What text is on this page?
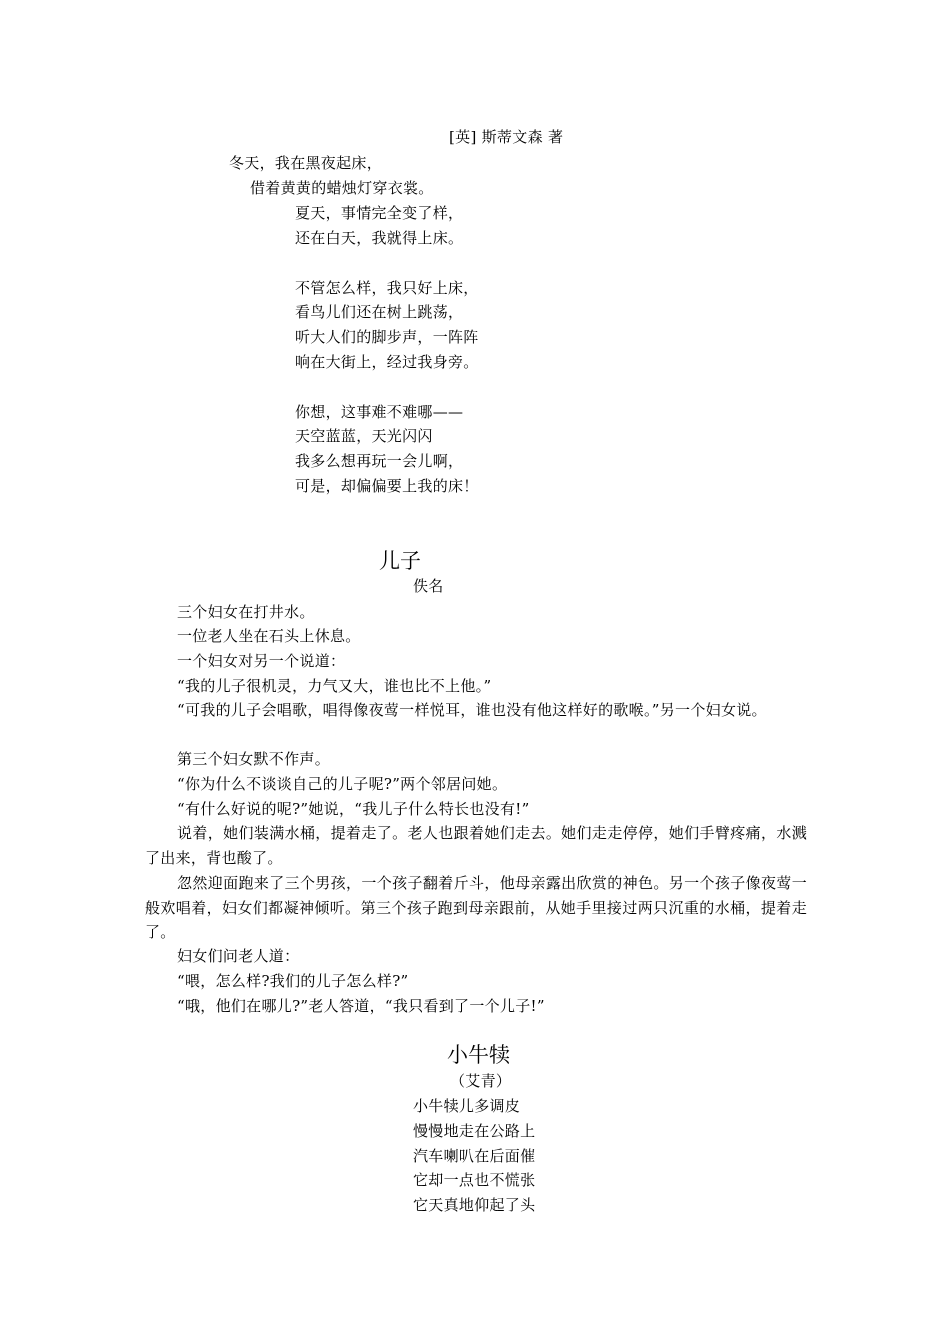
[英] 斯蒂文森 著
冬天，我在黑夜起床，
借着黄黄的蜡烛灯穿衣裳。
夏天，事情完全变了样，
还在白天，我就得上床。
不管怎么样，我只好上床，
看鸟儿们还在树上跳荡，
听大人们的脚步声，一阵阵
响在大街上，经过我身旁。
你想，这事难不难哪——
天空蓝蓝，天光闪闪
我多么想再玩一会儿啊，
可是，却偏偏要上我的床！
儿子
佚名
三个妇女在打井水。
一位老人坐在石头上休息。
一个妇女对另一个说道：
“我的儿子很机灵，力气又大，谁也比不上他。”
“可我的儿子会唱歌，唱得像夜莺一样悦耳，谁也没有他这样好的歌喉。”另一个妇女说。
第三个妇女默不作声。
“你为什么不谈谈自己的儿子呢?”两个邻居问她。
“有什么好说的呢?”她说，“我儿子什么特长也没有!”
说着，她们装满水桶，提着走了。老人也跟着她们走去。她们走走停停，她们手臂疼痛，水溅了出来，背也酸了。
忽然迎面跑来了三个男孩，一个孩子翻着斤斗，他母亲露出欣赏的神色。另一个孩子像夜莺一般欢唱着，妇女们都凝神倾听。第三个孩子跑到母亲跟前，从她手里接过两只沉重的水桶，提着走了。
妇女们问老人道：
“喂，怎么样?我们的儿子怎么样?”
“哦，他们在哪儿?”老人答道，“我只看到了一个儿子!”
小牛犊
（艾青）
小牛犊儿多调皮
慢慢地走在公路上
汽车喇叭在后面催
它却一点也不慌张
它天真地仰起了头
